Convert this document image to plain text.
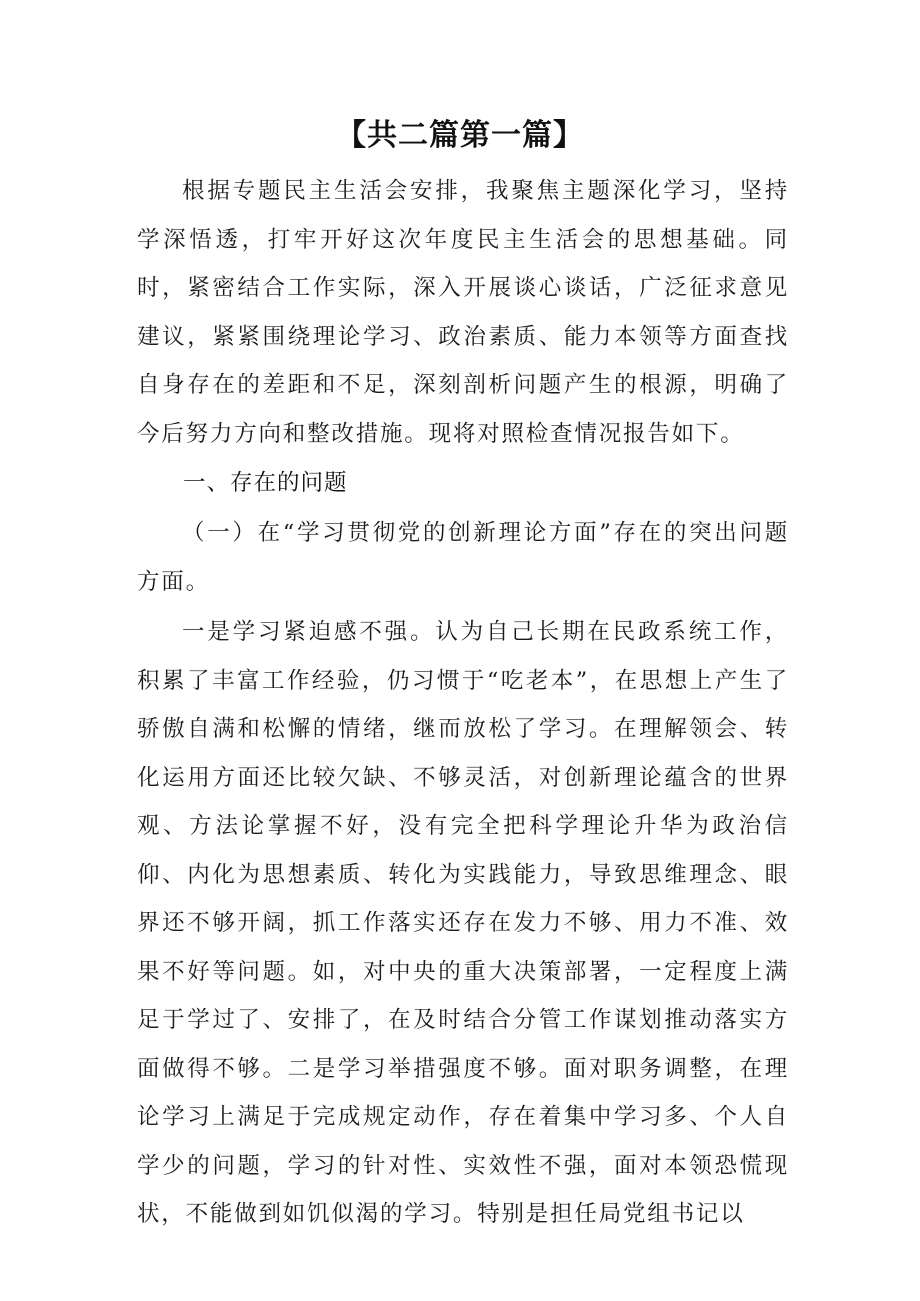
【共二篇第一篇】
根据专题民主生活会安排，我聚焦主题深化学习，坚持学深悟透，打牢开好这次年度民主生活会的思想基础。同时，紧密结合工作实际，深入开展谈心谈话，广泛征求意见建议，紧紧围绕理论学习、政治素质、能力本领等方面查找自身存在的差距和不足，深刻剖析问题产生的根源，明确了今后努力方向和整改措施。现将对照检查情况报告如下。
一、存在的问题
（一）在“学习贯彻党的创新理论方面”存在的突出问题方面。
一是学习紧迫感不强。认为自己长期在民政系统工作，积累了丰富工作经验，仍习惯于“吃老本”，在思想上产生了骄傲自满和松懈的情绪，继而放松了学习。在理解领会、转化运用方面还比较欠缺、不够灵活，对创新理论蕴含的世界观、方法论掌握不好，没有完全把科学理论升华为政治信仰、内化为思想素质、转化为实践能力，导致思维理念、眼界还不够开阔，抓工作落实还存在发力不够、用力不准、效果不好等问题。如，对中央的重大决策部署，一定程度上满足于学过了、安排了，在及时结合分管工作谋划推动落实方面做得不够。二是学习举措强度不够。面对职务调整，在理论学习上满足于完成规定动作，存在着集中学习多、个人自学少的问题，学习的针对性、实效性不强，面对本领恐慌现状，不能做到如饥似渴的学习。特别是担任局党组书记以
